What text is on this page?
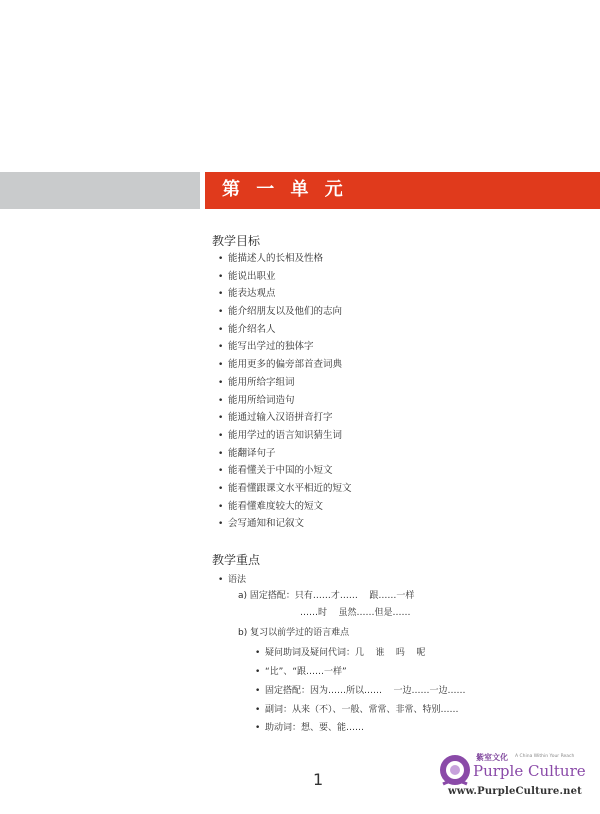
第 一 单 元
教学目标
• 能描述人的长相及性格
• 能说出职业
• 能表达观点
• 能介绍朋友以及他们的志向
• 能介绍名人
• 能写出学过的独体字
• 能用更多的偏旁部首查词典
• 能用所给字组词
• 能用所给词造句
• 能通过输入汉语拼音打字
• 能用学过的语言知识猜生词
• 能翻译句子
• 能看懂关于中国的小短文
• 能看懂跟课文水平相近的短文
• 能看懂难度较大的短文
• 会写通知和记叙文
教学重点
• 语法
a) 固定搭配：只有……才……    跟……一样
……时    虽然……但是……
b) 复习以前学过的语言难点
• 疑问助词及疑问代词：几    谁    吗    呢
• “比”、“跟……一样”
• 固定搭配：因为……所以……    一边……一边……
• 副词：从来（不）、一般、常常、非常、特别……
• 助动词：想、要、能……
1
紫室文化 A China Within Your Reach
Purple Culture
www.PurpleCulture.net
